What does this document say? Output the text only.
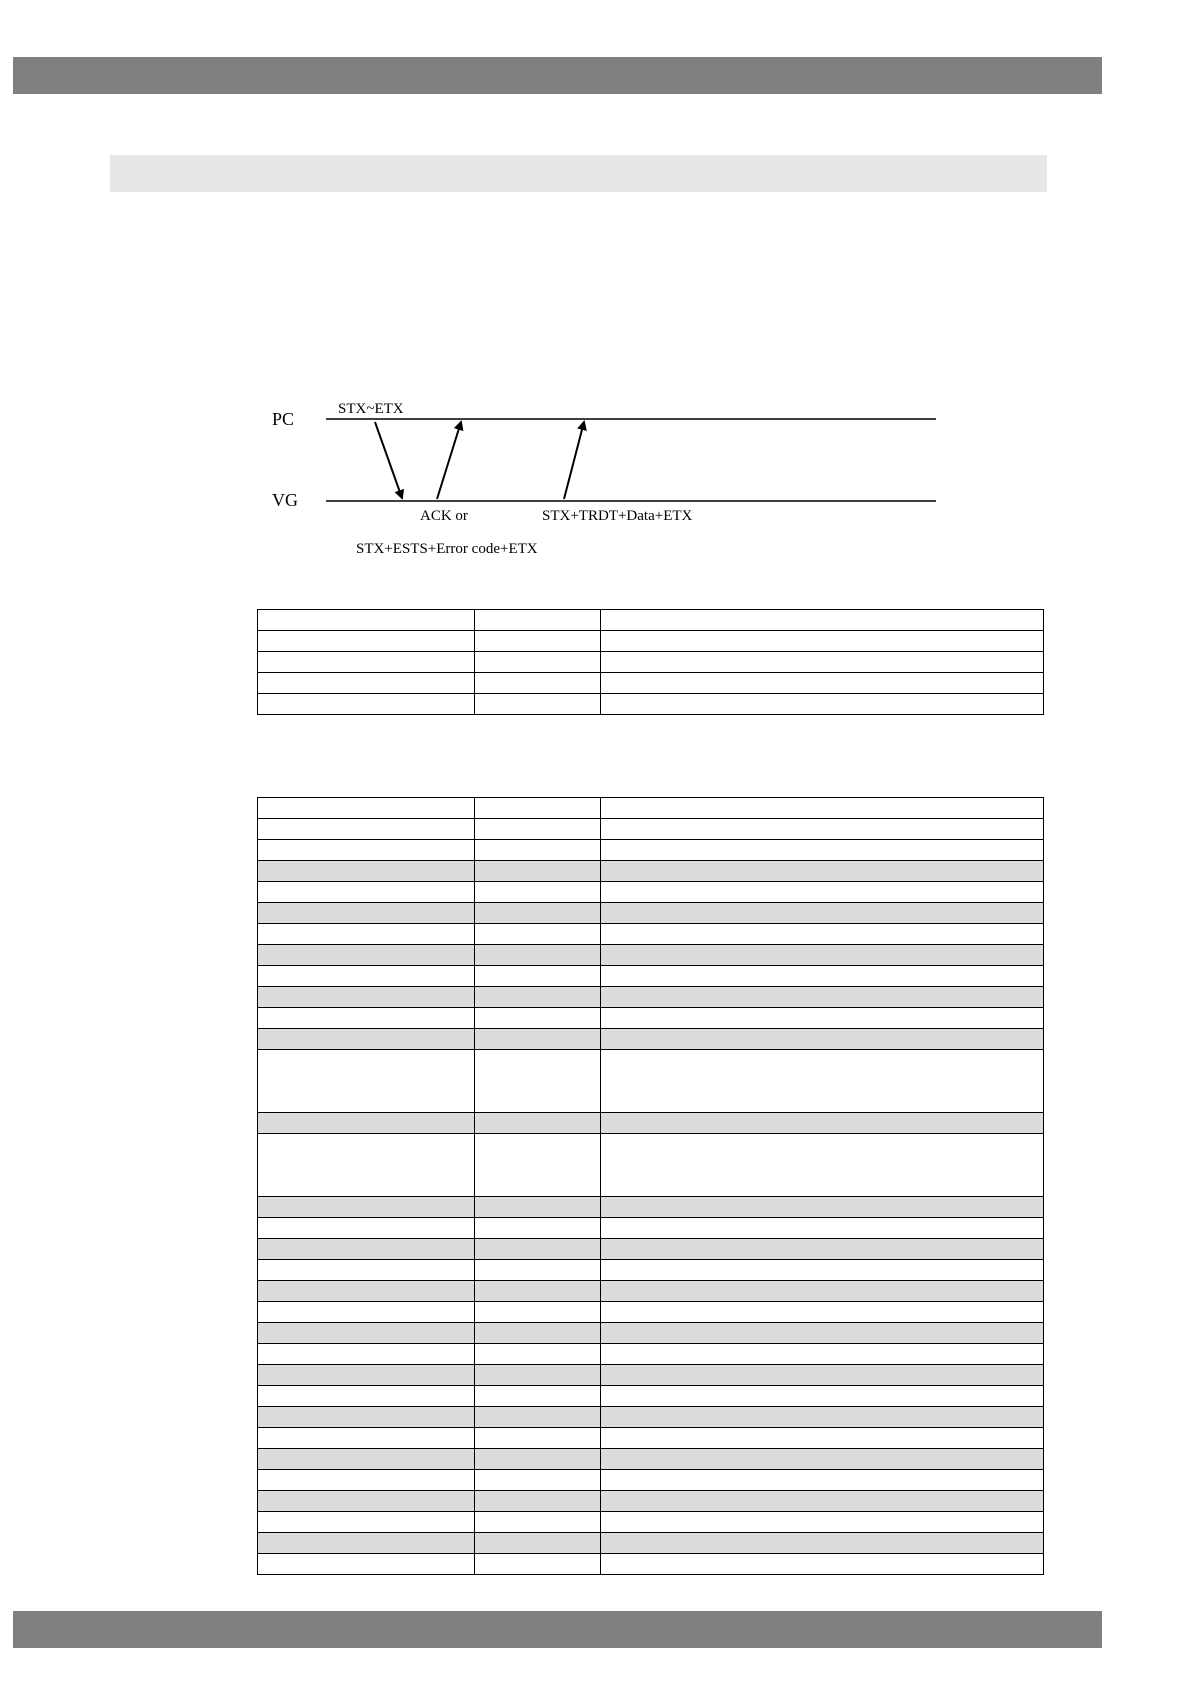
PC
VG
STX~ETX
ACK or	STX+TRDT+Data+ETX
STX+ESTS+Error code+ETX
